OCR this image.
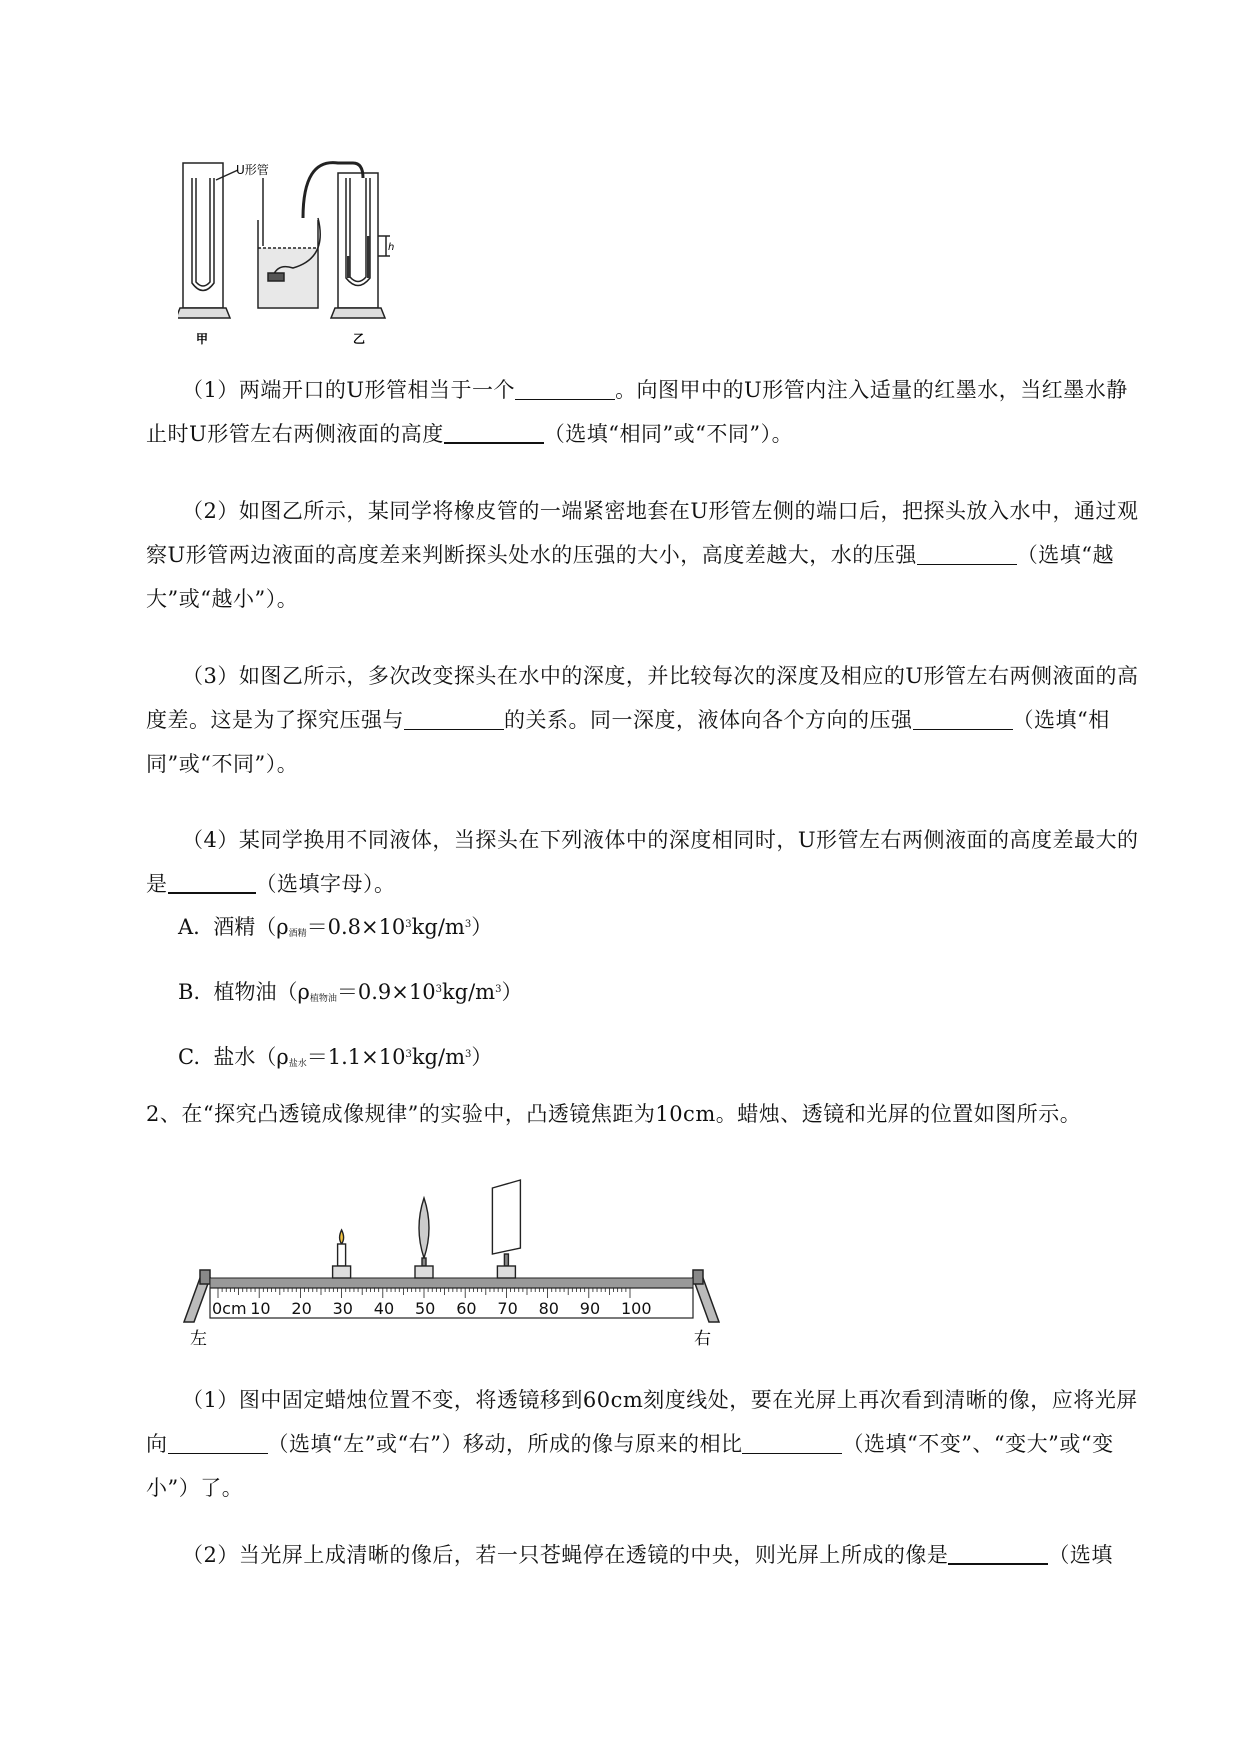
U形管
甲
h
乙

（1）两端开口的U形管相当于一个	。向图甲中的U形管内注入适量的红墨水，当红墨水静止时U形管左右两侧液面的高度	（选填“相同”或“不同”）。

（2）如图乙所示，某同学将橡皮管的一端紧密地套在U形管左侧的端口后，把探头放入水中，通过观察U形管两边液面的高度差来判断探头处水的压强的大小，高度差越大，水的压强	（选填“越大”或“越小”）。

（3）如图乙所示，多次改变探头在水中的深度，并比较每次的深度及相应的U形管左右两侧液面的高度差。这是为了探究压强与	的关系。同一深度，液体向各个方向的压强	（选填“相同”或“不同”）。

（4）某同学换用不同液体，当探头在下列液体中的深度相同时，U形管左右两侧液面的高度差最大的是	（选填字母）。

A. 酒精$(\rho_{酒精}=0.8\times 10^3kg/m^3)$

B. 植物油$(\rho_{植物油}=0.9\times 10^3kg/m^3)$

C. 盐水$(\rho_{盐水}=1.1\times 10^3kg/m^3)$

2、在“探究凸透镜成像规律”的实验中，凸透镜焦距为10cm。蜡烛、透镜和光屏的位置如图所示。

0cm 10 20 30 40 50 60 70 80 90 100
左	右

（1）图中固定蜡烛位置不变，将透镜移到60cm刻度线处，要在光屏上再次看到清晰的像，应将光屏向	（选填“左”或“右”）移动，所成的像与原来的相比	（选填“不变”、“变大”或“变小”）了。

（2）当光屏上成清晰的像后，若一只苍蝇停在透镜的中央，则光屏上所成的像是	（选填
